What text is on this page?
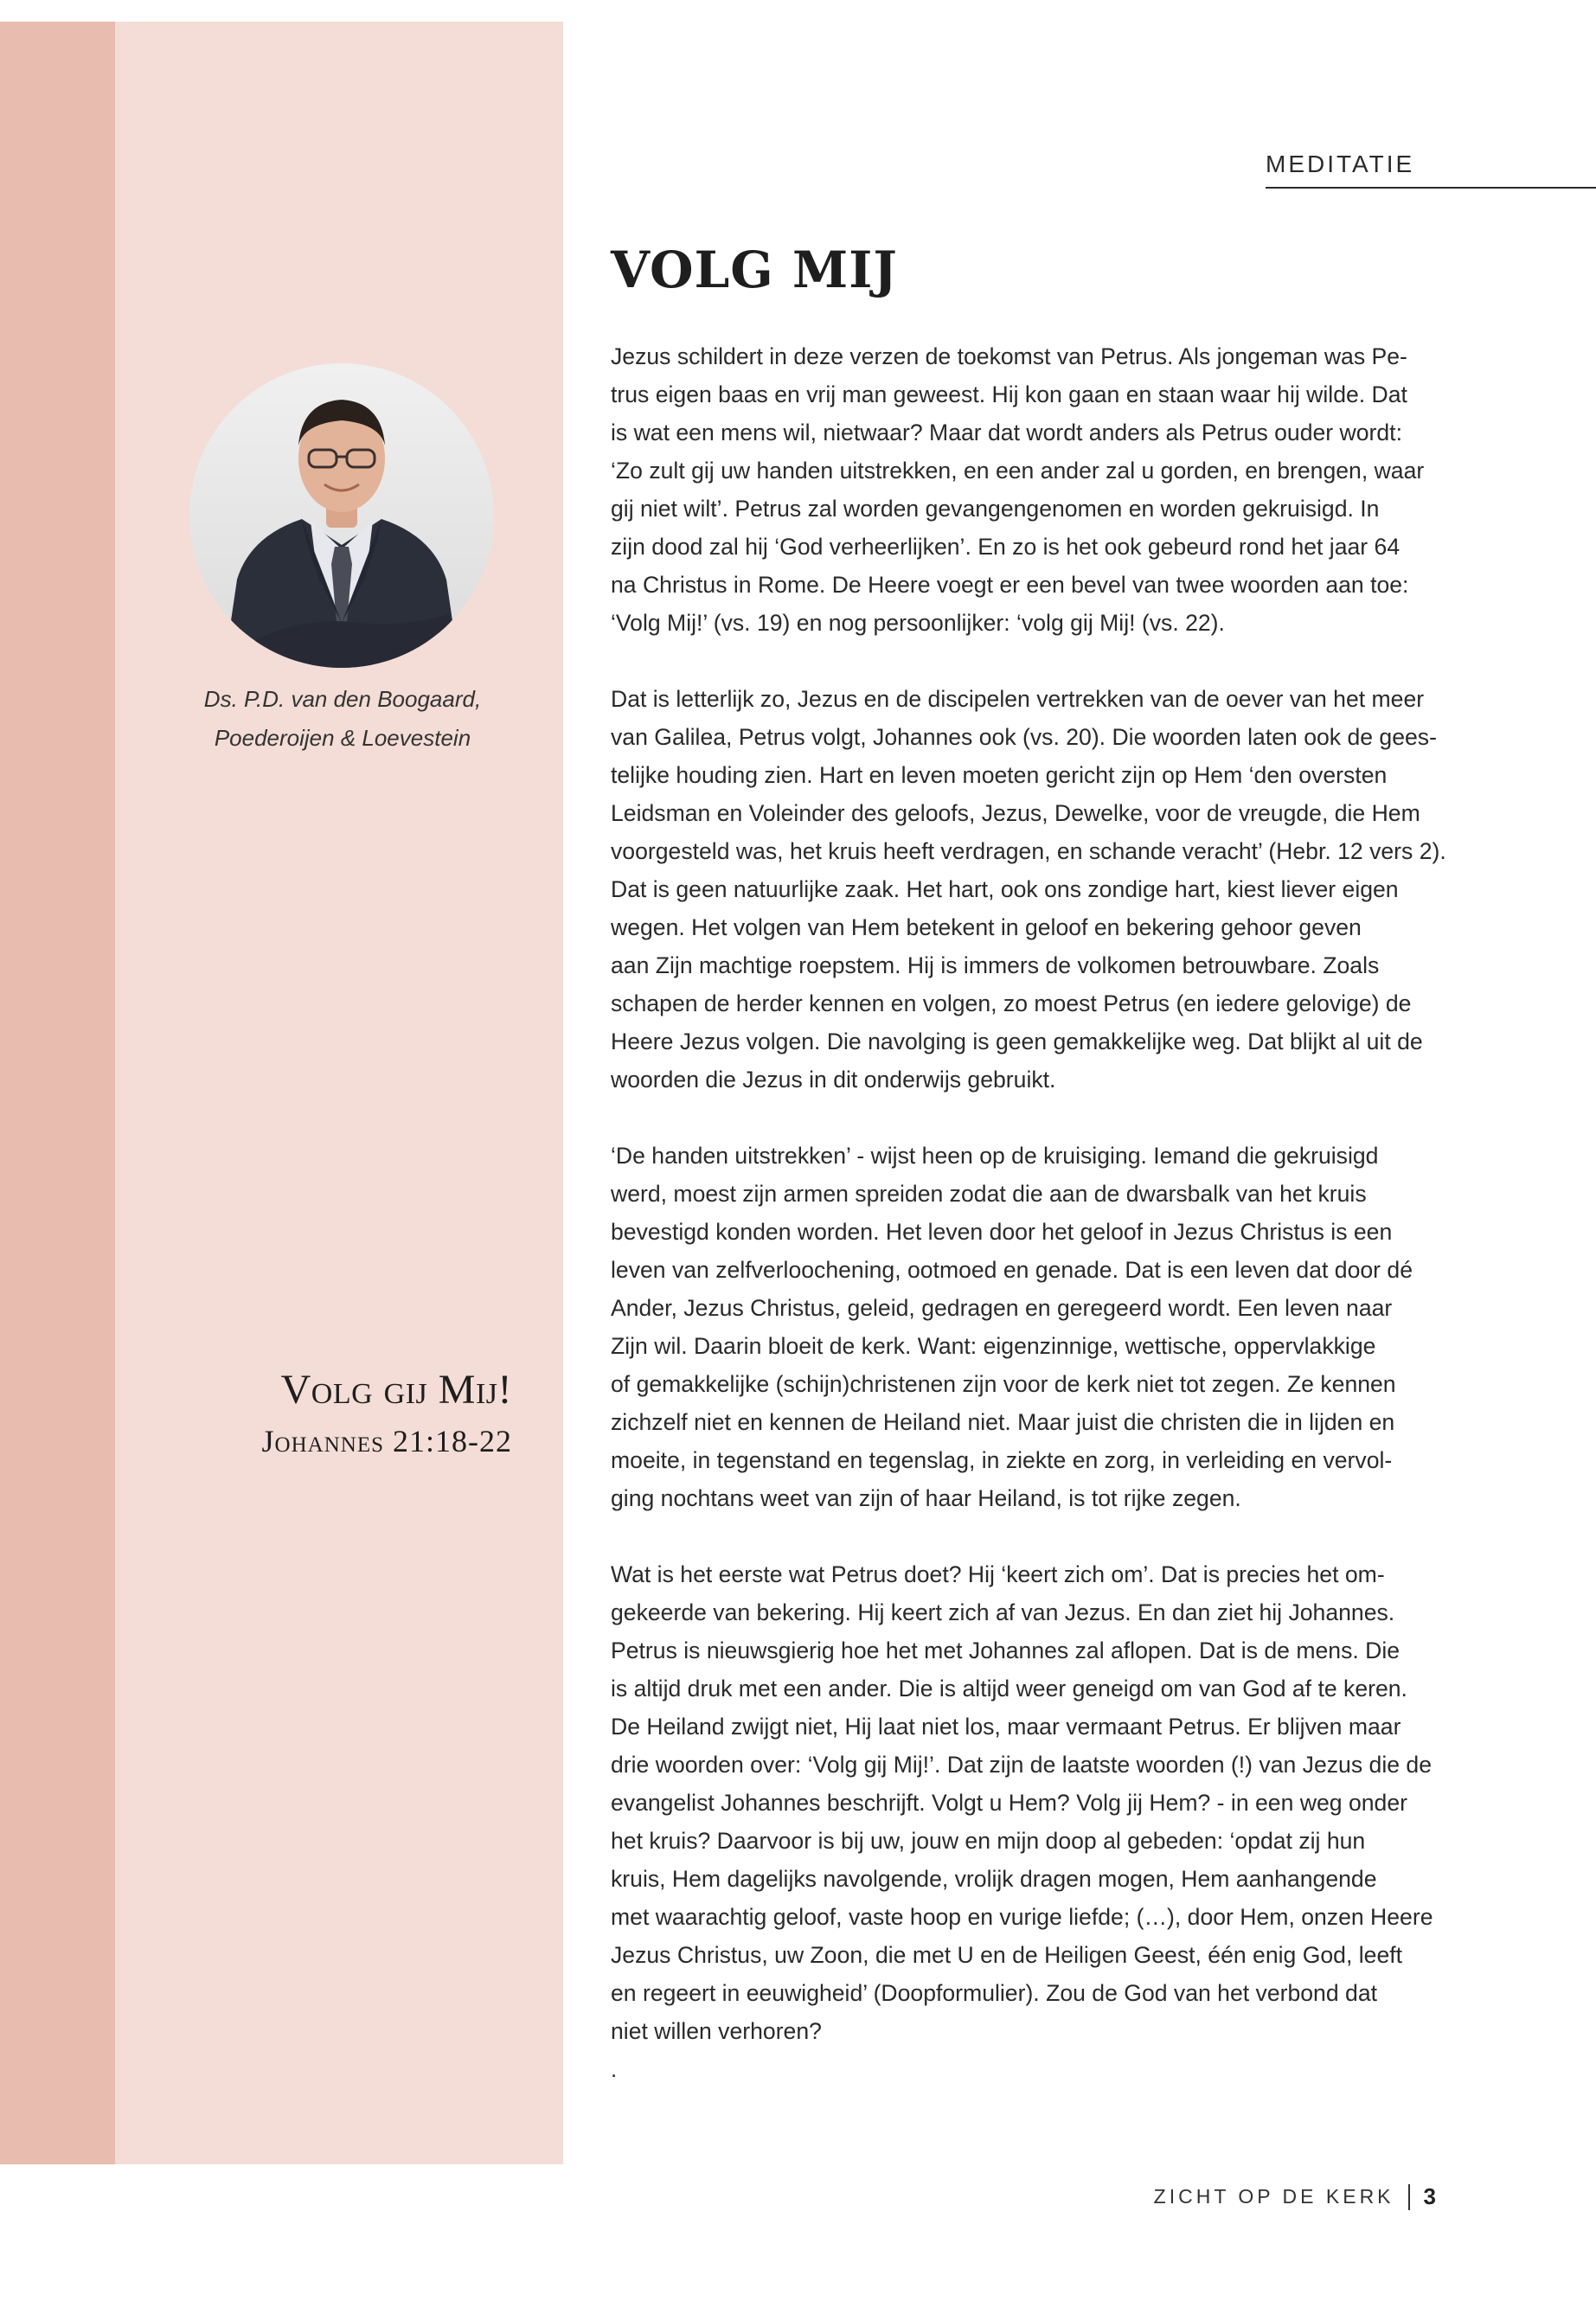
MEDITATIE
VOLG MIJ
Ds. P.D. van den Boogaard,
Poederoijen & Loevestein
Volg gij Mij!
Johannes 21:18-22

Jezus schildert in deze verzen de toekomst van Petrus. Als jongeman was Pe-
trus eigen baas en vrij man geweest. Hij kon gaan en staan waar hij wilde. Dat
is wat een mens wil, nietwaar? Maar dat wordt anders als Petrus ouder wordt:
‘Zo zult gij uw handen uitstrekken, en een ander zal u gorden, en brengen, waar
gij niet wilt’. Petrus zal worden gevangengenomen en worden gekruisigd. In
zijn dood zal hij ‘God verheerlijken’. En zo is het ook gebeurd rond het jaar 64
na Christus in Rome. De Heere voegt er een bevel van twee woorden aan toe:
‘Volg Mij!’ (vs. 19) en nog persoonlijker: ‘volg gij Mij! (vs. 22).

Dat is letterlijk zo, Jezus en de discipelen vertrekken van de oever van het meer
van Galilea, Petrus volgt, Johannes ook (vs. 20). Die woorden laten ook de gees-
telijke houding zien. Hart en leven moeten gericht zijn op Hem ‘den oversten
Leidsman en Voleinder des geloofs, Jezus, Dewelke, voor de vreugde, die Hem
voorgesteld was, het kruis heeft verdragen, en schande veracht’ (Hebr. 12 vers 2).
Dat is geen natuurlijke zaak. Het hart, ook ons zondige hart, kiest liever eigen
wegen. Het volgen van Hem betekent in geloof en bekering gehoor geven
aan Zijn machtige roepstem. Hij is immers de volkomen betrouwbare. Zoals
schapen de herder kennen en volgen, zo moest Petrus (en iedere gelovige) de
Heere Jezus volgen. Die navolging is geen gemakkelijke weg. Dat blijkt al uit de
woorden die Jezus in dit onderwijs gebruikt.

‘De handen uitstrekken’ - wijst heen op de kruisiging. Iemand die gekruisigd
werd, moest zijn armen spreiden zodat die aan de dwarsbalk van het kruis
bevestigd konden worden. Het leven door het geloof in Jezus Christus is een
leven van zelfverloochening, ootmoed en genade. Dat is een leven dat door dé
Ander, Jezus Christus, geleid, gedragen en geregeerd wordt. Een leven naar
Zijn wil. Daarin bloeit de kerk. Want: eigenzinnige, wettische, oppervlakkige
of gemakkelijke (schijn)christenen zijn voor de kerk niet tot zegen. Ze kennen
zichzelf niet en kennen de Heiland niet. Maar juist die christen die in lijden en
moeite, in tegenstand en tegenslag, in ziekte en zorg, in verleiding en vervol-
ging nochtans weet van zijn of haar Heiland, is tot rijke zegen.

Wat is het eerste wat Petrus doet? Hij ‘keert zich om’. Dat is precies het om-
gekeerde van bekering. Hij keert zich af van Jezus. En dan ziet hij Johannes.
Petrus is nieuwsgierig hoe het met Johannes zal aflopen. Dat is de mens. Die
is altijd druk met een ander. Die is altijd weer geneigd om van God af te keren.
De Heiland zwijgt niet, Hij laat niet los, maar vermaant Petrus. Er blijven maar
drie woorden over: ‘Volg gij Mij!’. Dat zijn de laatste woorden (!) van Jezus die de
evangelist Johannes beschrijft. Volgt u Hem? Volg jij Hem? - in een weg onder
het kruis? Daarvoor is bij uw, jouw en mijn doop al gebeden: ‘opdat zij hun
kruis, Hem dagelijks navolgende, vrolijk dragen mogen, Hem aanhangende
met waarachtig geloof, vaste hoop en vurige liefde; (…), door Hem, onzen Heere
Jezus Christus, uw Zoon, die met U en de Heiligen Geest, één enig God, leeft
en regeert in eeuwigheid’ (Doopformulier). Zou de God van het verbond dat
niet willen verhoren?

.
ZICHT OP DE KERK 3
